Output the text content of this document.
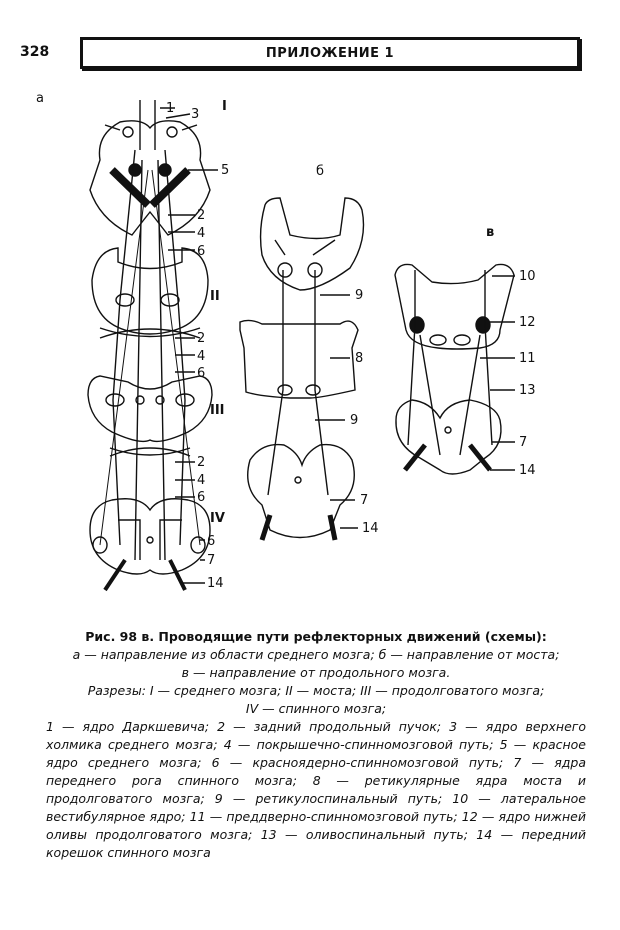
328	ПРИЛОЖЕНИЕ 1
а
б
в
I
II
III
IV
1 3
5
2
4
6
2
4
6
2
4
6
6
7
14
9
8
9
7
14
10
12
11
13
7
14
Рис. 98 в. Проводящие пути рефлекторных движений (схемы):
а — направление из области среднего мозга; б — направление от моста;
в — направление от продольного мозга.
Разрезы: I — среднего мозга; II — моста; III — продолговатого мозга;
IV — спинного мозга;
1 — ядро Даркшевича; 2 — задний продольный пучок; 3 — ядро верхнего холмика среднего мозга; 4 — покрышечно-спинномозговой путь; 5 — красное ядро среднего мозга; 6 — красноядерно-спинномозговой путь; 7 — ядра переднего рога спинного мозга; 8 — ретикулярные ядра моста и продолговатого мозга; 9 — ретикулоспинальный путь; 10 — латеральное вестибулярное ядро; 11 — преддверно-спинномозговой путь; 12 — ядро нижней оливы продолговатого мозга; 13 — оливоспинальный путь; 14 — передний корешок спинного мозга
